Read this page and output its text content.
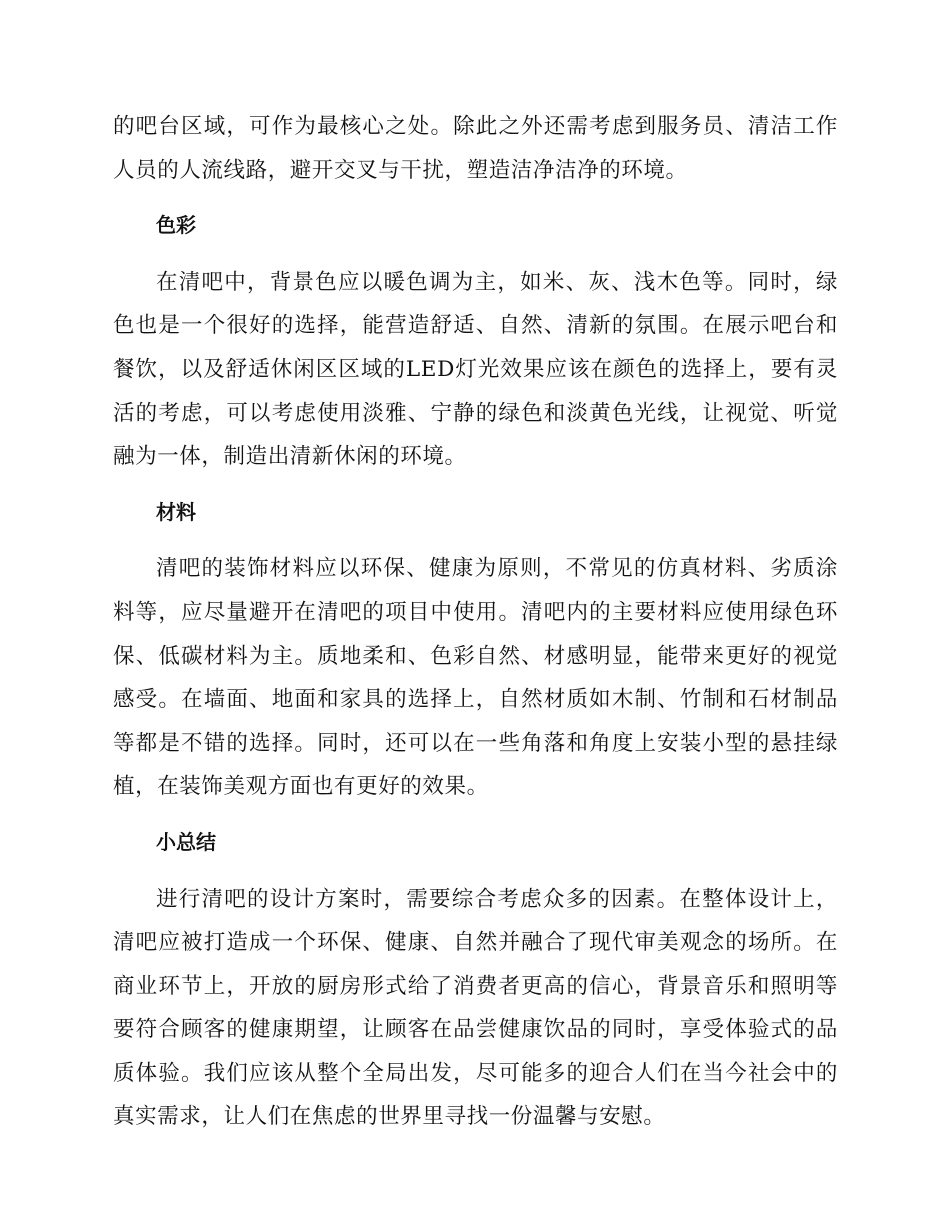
的吧台区域，可作为最核心之处。除此之外还需考虑到服务员、清洁工作人员的人流线路，避开交叉与干扰，塑造洁净洁净的环境。

色彩

在清吧中，背景色应以暖色调为主，如米、灰、浅木色等。同时，绿色也是一个很好的选择，能营造舒适、自然、清新的氛围。在展示吧台和餐饮，以及舒适休闲区区域的LED灯光效果应该在颜色的选择上，要有灵活的考虑，可以考虑使用淡雅、宁静的绿色和淡黄色光线，让视觉、听觉融为一体，制造出清新休闲的环境。

材料

清吧的装饰材料应以环保、健康为原则，不常见的仿真材料、劣质涂料等，应尽量避开在清吧的项目中使用。清吧内的主要材料应使用绿色环保、低碳材料为主。质地柔和、色彩自然、材感明显，能带来更好的视觉感受。在墙面、地面和家具的选择上，自然材质如木制、竹制和石材制品等都是不错的选择。同时，还可以在一些角落和角度上安装小型的悬挂绿植，在装饰美观方面也有更好的效果。

小总结

进行清吧的设计方案时，需要综合考虑众多的因素。在整体设计上，清吧应被打造成一个环保、健康、自然并融合了现代审美观念的场所。在商业环节上，开放的厨房形式给了消费者更高的信心，背景音乐和照明等要符合顾客的健康期望，让顾客在品尝健康饮品的同时，享受体验式的品质体验。我们应该从整个全局出发，尽可能多的迎合人们在当今社会中的真实需求，让人们在焦虑的世界里寻找一份温馨与安慰。
